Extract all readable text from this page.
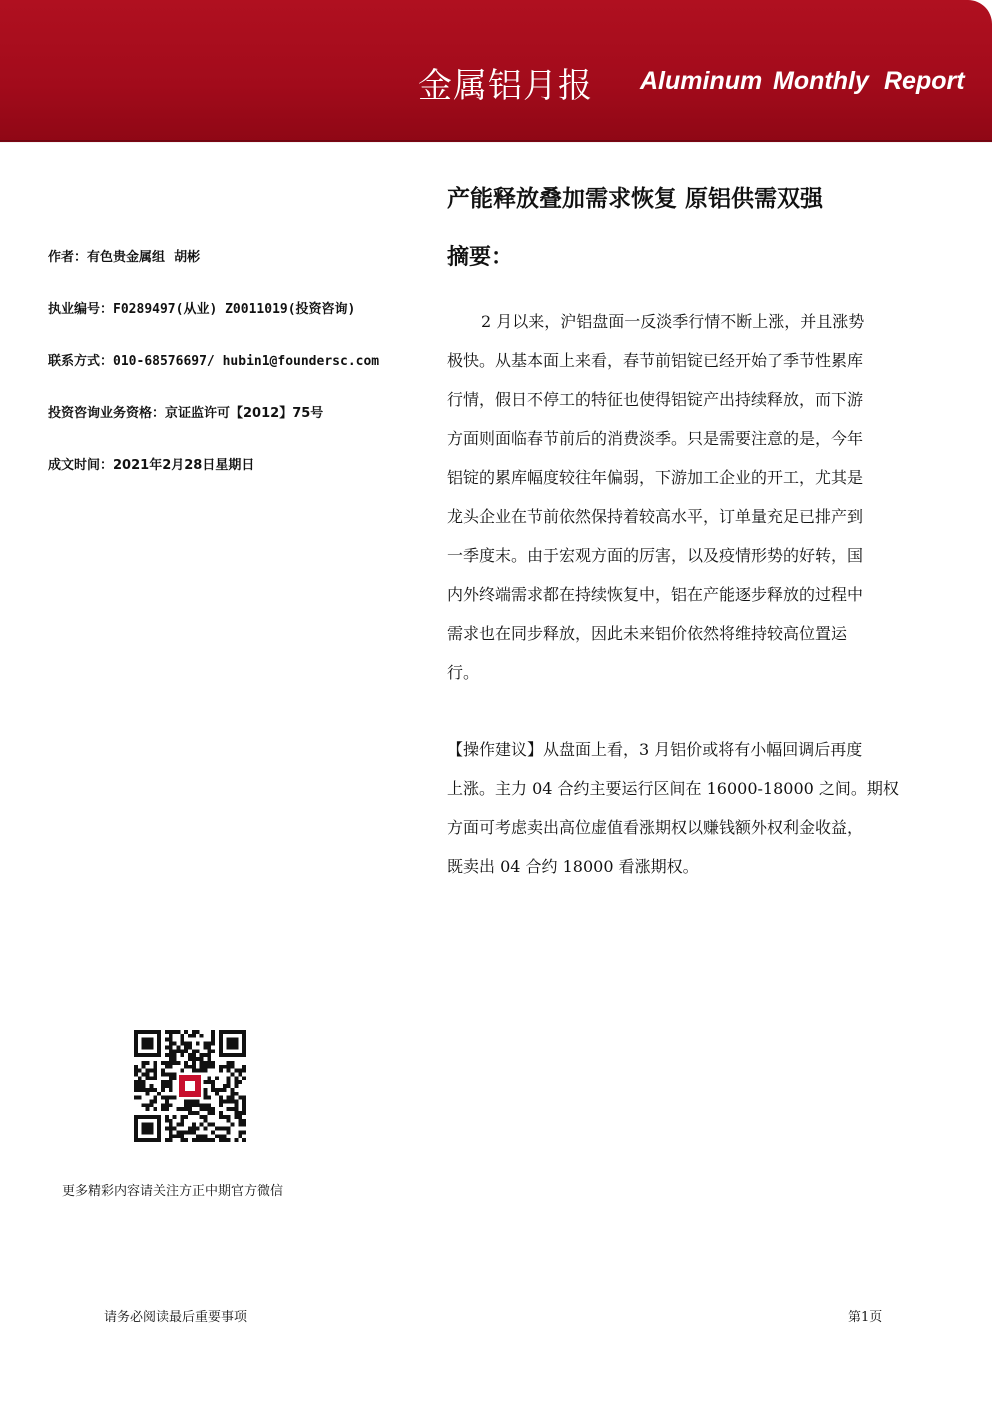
金属铝月报 Aluminum Monthly Report
作者：有色贵金属组  胡彬
执业编号：F0289497(从业) Z0011019(投资咨询)
联系方式：010-68576697/ hubin1@foundersc.com
投资咨询业务资格：京证监许可【2012】75号
成文时间：2021年2月28日星期日
产能释放叠加需求恢复 原铝供需双强
摘要：
2 月以来，沪铝盘面一反淡季行情不断上涨，并且涨势
极快。从基本面上来看，春节前铝锭已经开始了季节性累库
行情，假日不停工的特征也使得铝锭产出持续释放，而下游
方面则面临春节前后的消费淡季。只是需要注意的是，今年
铝锭的累库幅度较往年偏弱，下游加工企业的开工，尤其是
龙头企业在节前依然保持着较高水平，订单量充足已排产到
一季度末。由于宏观方面的厉害，以及疫情形势的好转，国
内外终端需求都在持续恢复中，铝在产能逐步释放的过程中
需求也在同步释放，因此未来铝价依然将维持较高位置运
行。
【操作建议】从盘面上看，3 月铝价或将有小幅回调后再度
上涨。主力 04 合约主要运行区间在 16000-18000 之间。期权
方面可考虑卖出高位虚值看涨期权以赚钱额外权利金收益，
既卖出 04 合约 18000 看涨期权。
更多精彩内容请关注方正中期官方微信
请务必阅读最后重要事项	第1页
